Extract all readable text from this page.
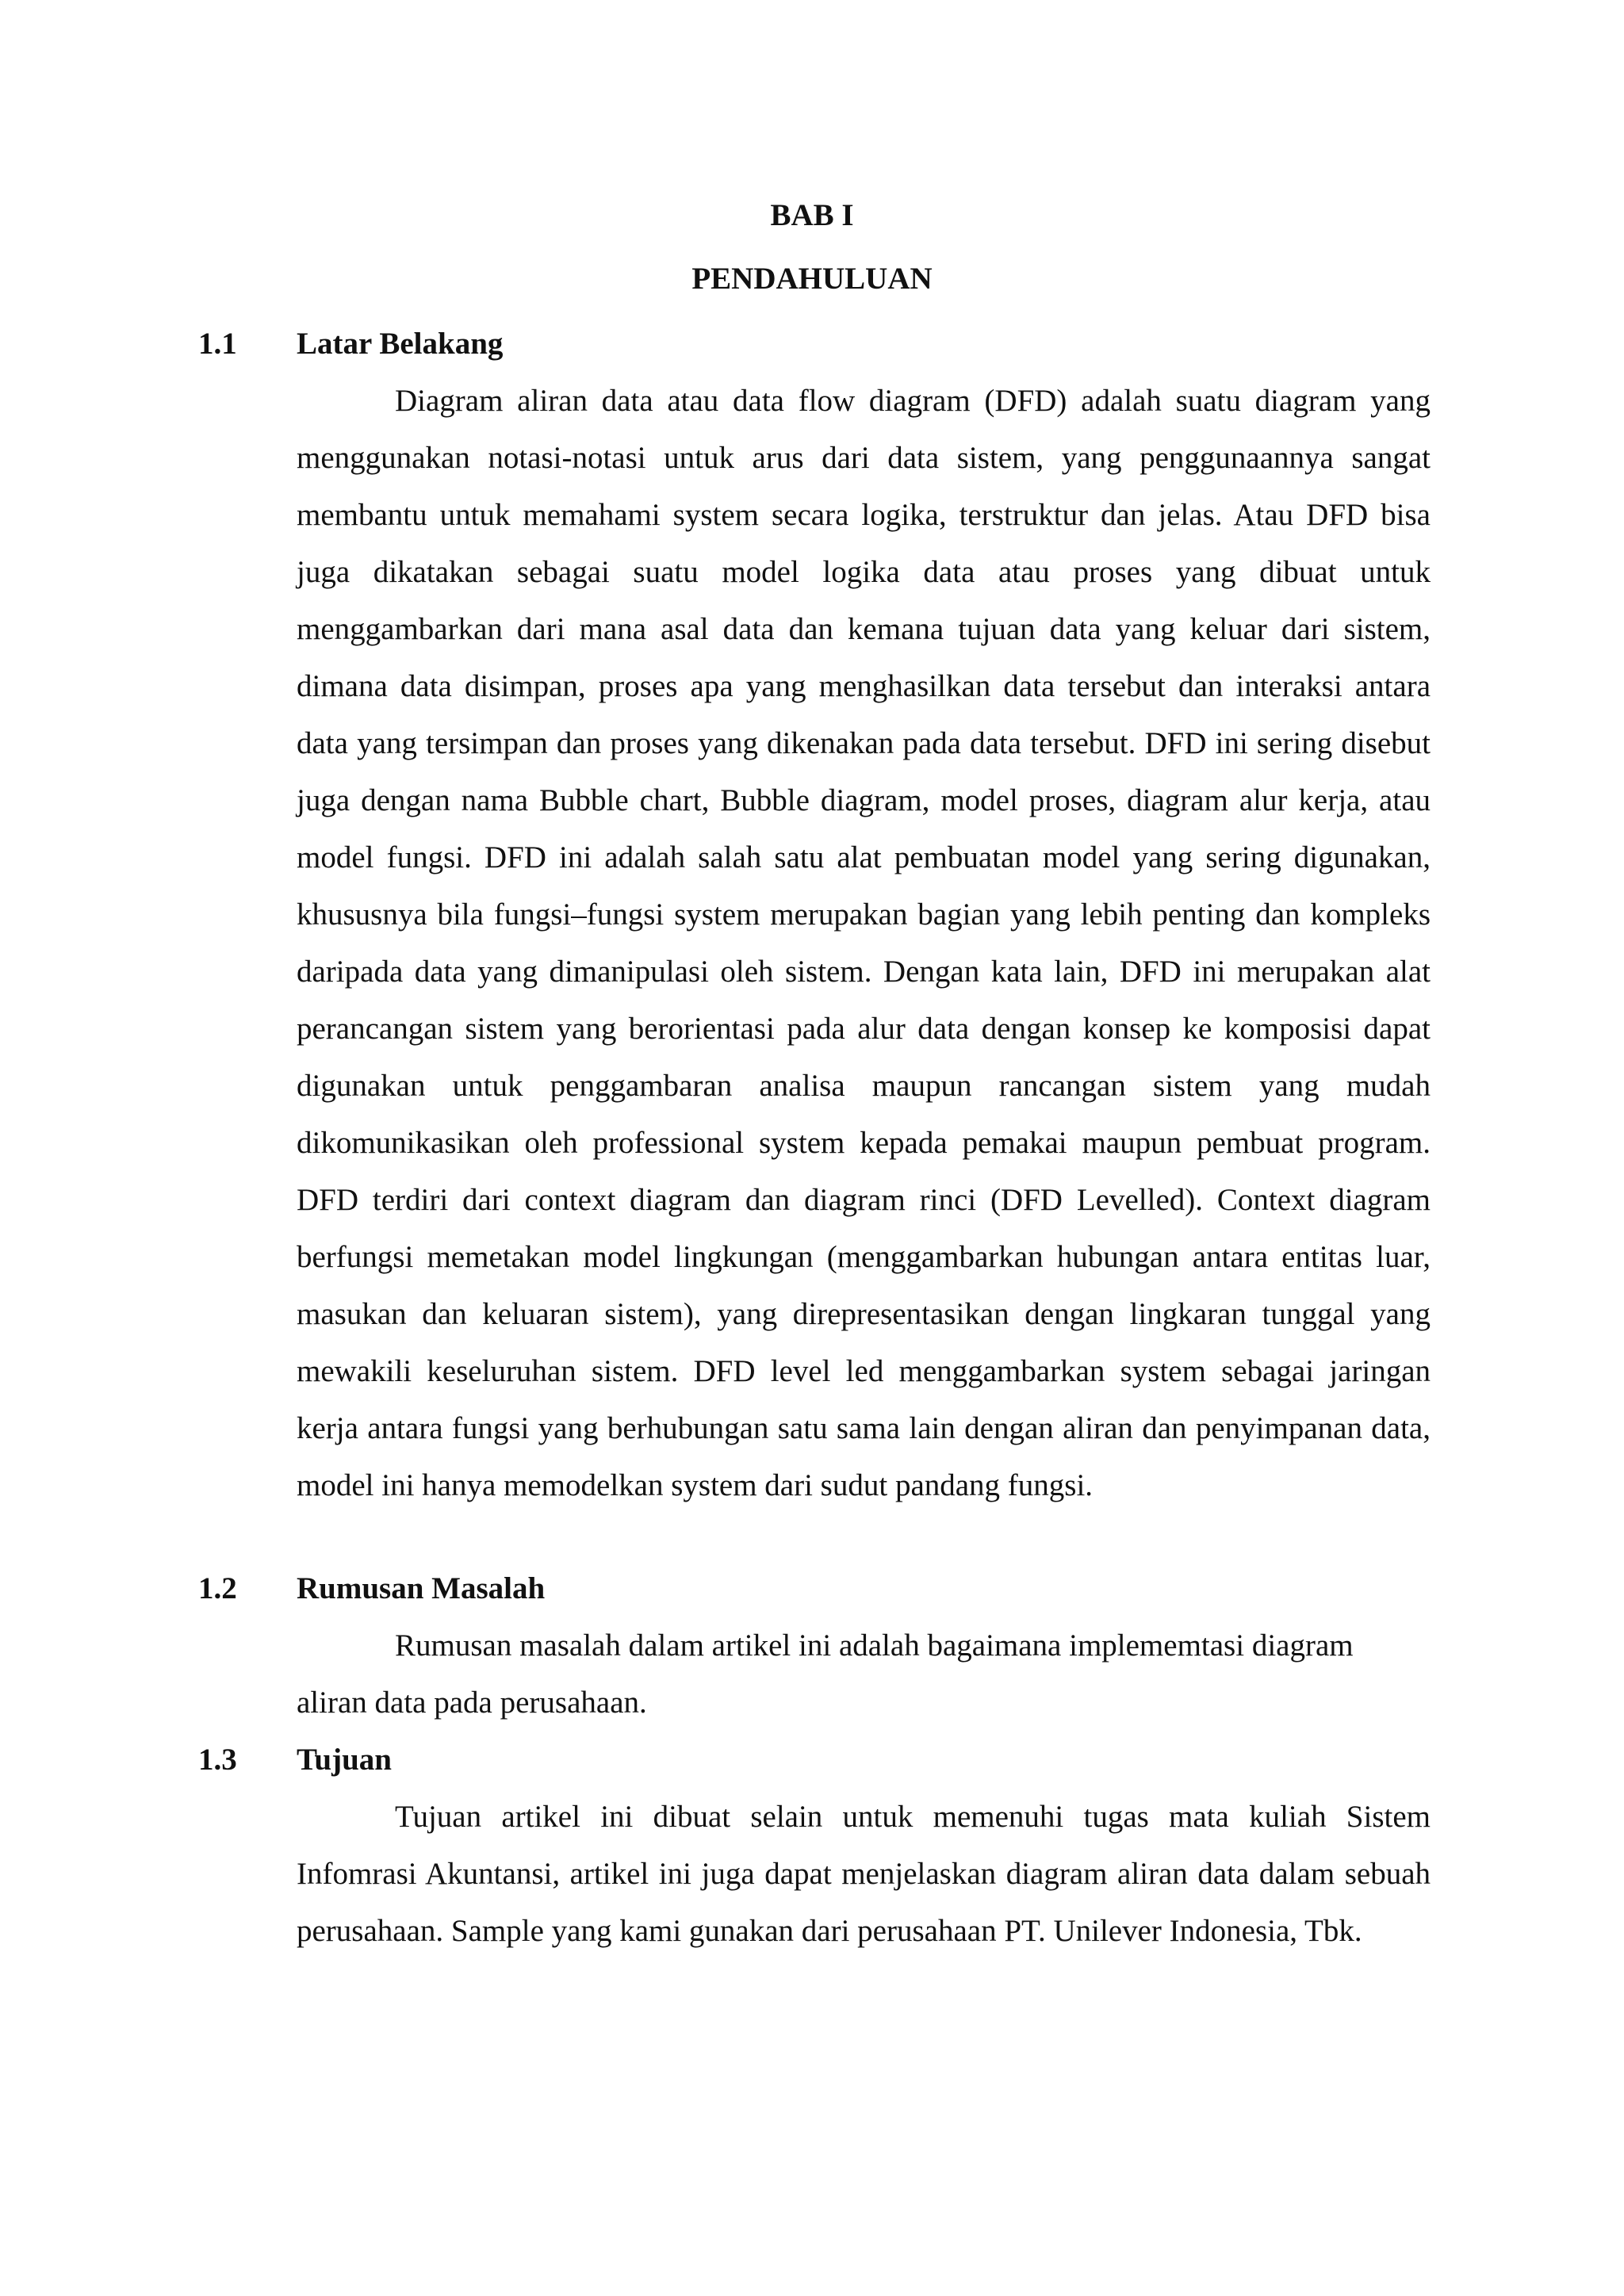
BAB I
PENDAHULUAN
1.1	Latar Belakang

Diagram aliran data atau data flow diagram (DFD) adalah suatu diagram yang menggunakan notasi-notasi untuk arus dari data sistem, yang penggunaannya sangat membantu untuk memahami system secara logika, terstruktur dan jelas. Atau DFD bisa juga dikatakan sebagai suatu model logika data atau proses yang dibuat untuk menggambarkan dari mana asal data dan kemana tujuan data yang keluar dari sistem, dimana data disimpan, proses apa yang menghasilkan data tersebut dan interaksi antara data yang tersimpan dan proses yang dikenakan pada data tersebut. DFD ini sering disebut juga dengan nama Bubble chart, Bubble diagram, model proses, diagram alur kerja, atau model fungsi. DFD ini adalah salah satu alat pembuatan model yang sering digunakan, khususnya bila fungsi–fungsi system merupakan bagian yang lebih penting dan kompleks daripada data yang dimanipulasi oleh sistem. Dengan kata lain, DFD ini merupakan alat perancangan sistem yang berorientasi pada alur data dengan konsep ke komposisi dapat digunakan untuk penggambaran analisa maupun rancangan sistem yang mudah dikomunikasikan oleh professional system kepada pemakai maupun pembuat program. DFD terdiri dari context diagram dan diagram rinci (DFD Levelled). Context diagram berfungsi memetakan model lingkungan (menggambarkan hubungan antara entitas luar, masukan dan keluaran sistem), yang direpresentasikan dengan lingkaran tunggal yang mewakili keseluruhan sistem. DFD level led menggambarkan system sebagai jaringan kerja antara fungsi yang berhubungan satu sama lain dengan aliran dan penyimpanan data, model ini hanya memodelkan system dari sudut pandang fungsi.

1.2	Rumusan Masalah

Rumusan masalah dalam artikel ini adalah bagaimana implememtasi diagram aliran data pada perusahaan.

1.3	Tujuan

Tujuan artikel ini dibuat selain untuk memenuhi tugas mata kuliah Sistem Infomrasi Akuntansi, artikel ini juga dapat menjelaskan diagram aliran data dalam sebuah perusahaan. Sample yang kami gunakan dari perusahaan PT. Unilever Indonesia, Tbk.
